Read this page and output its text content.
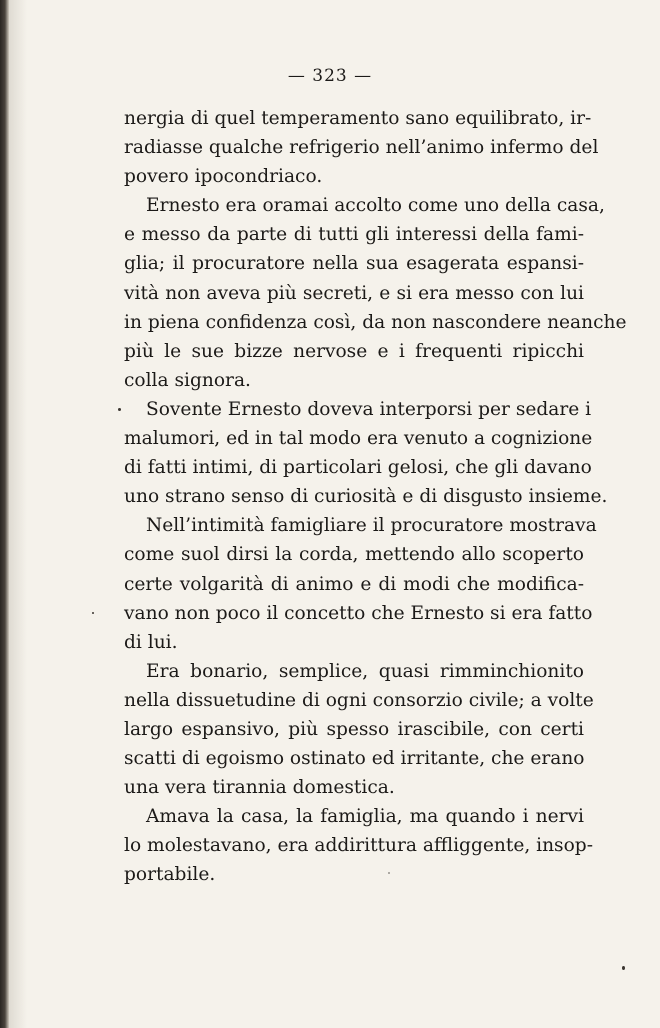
— 323 —
nergia di quel temperamento sano equilibrato, ir-
radiasse qualche refrigerio nell’animo infermo del
povero ipocondriaco.
Ernesto era oramai accolto come uno della casa,
e messo da parte di tutti gli interessi della fami-
glia; il procuratore nella sua esagerata espansi-
vità non aveva più secreti, e si era messo con lui
in piena confidenza così, da non nascondere neanche
più le sue bizze nervose e i frequenti ripicchi
colla signora.
Sovente Ernesto doveva interporsi per sedare i
malumori, ed in tal modo era venuto a cognizione
di fatti intimi, di particolari gelosi, che gli davano
uno strano senso di curiosità e di disgusto insieme.
Nell’intimità famigliare il procuratore mostrava
come suol dirsi la corda, mettendo allo scoperto
certe volgarità di animo e di modi che modifica-
vano non poco il concetto che Ernesto si era fatto
di lui.
Era bonario, semplice, quasi rimminchionito
nella dissuetudine di ogni consorzio civile; a volte
largo espansivo, più spesso irascibile, con certi
scatti di egoismo ostinato ed irritante, che erano
una vera tirannia domestica.
Amava la casa, la famiglia, ma quando i nervi
lo molestavano, era addirittura affliggente, insop-
portabile.
